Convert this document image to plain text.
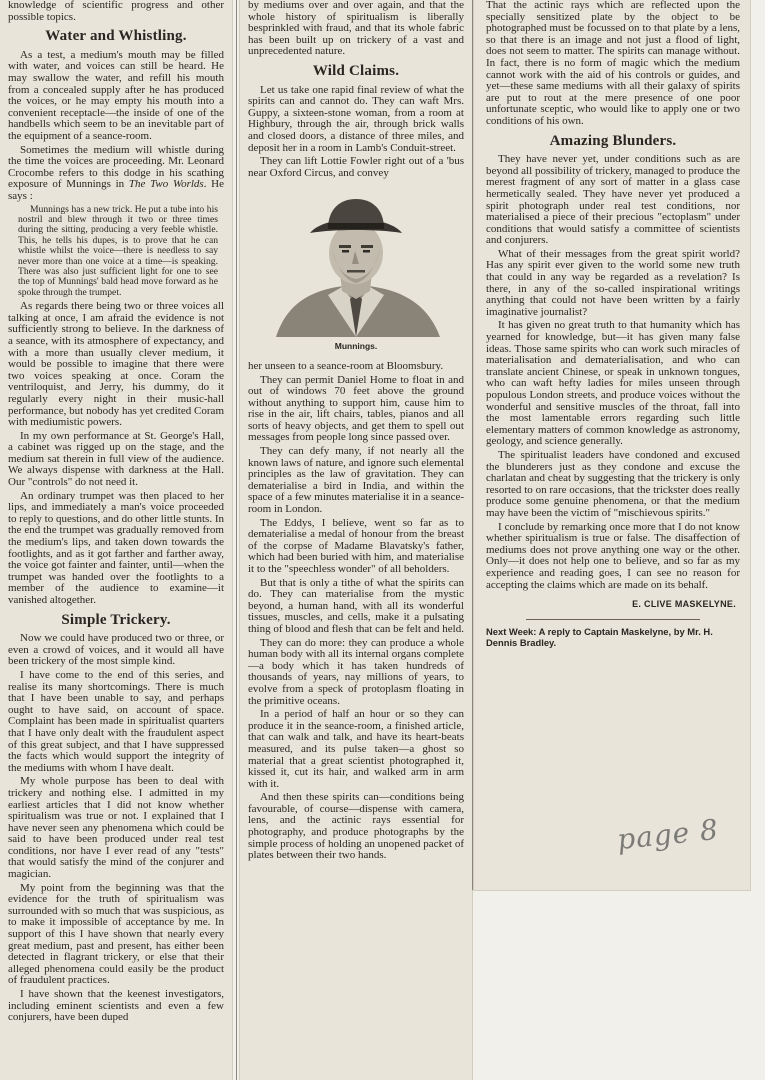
knowledge of scientific progress and other possible topics.

Water and Whistling.

As a test, a medium's mouth may be filled with water, and voices can still be heard. He may swallow the water, and refill his mouth from a concealed supply after he has produced the voices, or he may empty his mouth into a convenient receptacle—the inside of one of the handbells which seem to be an inevitable part of the equipment of a seance-room.

Sometimes the medium will whistle during the time the voices are proceeding. Mr. Leonard Crocombe refers to this dodge in his scathing exposure of Munnings in The Two Worlds. He says :

Munnings has a new trick. He put a tube into his nostril and blew through it two or three times during the sitting, producing a very feeble whistle. This, he tells his dupes, is to prove that he can whistle whilst the voice—there is needless to say never more than one voice at a time—is speaking. There was also just sufficient light for one to see the top of Munnings' bald head move forward as he spoke through the trumpet.

As regards there being two or three voices all talking at once, I am afraid the evidence is not sufficiently strong to believe. In the darkness of a seance, with its atmosphere of expectancy, and with a more than usually clever medium, it would be possible to imagine that there were two voices speaking at once. Coram the ventriloquist, and Jerry, his dummy, do it regularly every night in their music-hall performance, but nobody has yet credited Coram with mediumistic powers.

In my own performance at St. George's Hall, a cabinet was rigged up on the stage, and the medium sat therein in full view of the audience. We always dispense with darkness at the Hall. Our "controls" do not need it.

An ordinary trumpet was then placed to her lips, and immediately a man's voice proceeded to reply to questions, and do other little stunts. In the end the trumpet was gradually removed from the medium's lips, and taken down towards the footlights, and as it got farther and farther away, the voice got fainter and fainter, until—when the trumpet was handed over the footlights to a member of the audience to examine—it vanished altogether.

Simple Trickery.

Now we could have produced two or three, or even a crowd of voices, and it would all have been trickery of the most simple kind.

I have come to the end of this series, and realise its many shortcomings. There is much that I have been unable to say, and perhaps ought to have said, on account of space. Complaint has been made in spiritualist quarters that I have only dealt with the fraudulent aspect of this great subject, and that I have suppressed the facts which would support the integrity of the mediums with whom I have dealt.

My whole purpose has been to deal with trickery and nothing else. I admitted in my earliest articles that I did not know whether spiritualism was true or not. I explained that I have never seen any phenomena which could be said to have been produced under real test conditions, nor have I ever read of any "tests" that would satisfy the mind of the conjurer and magician.

My point from the beginning was that the evidence for the truth of spiritualism was surrounded with so much that was suspicious, as to make it impossible of acceptance by me. In support of this I have shown that nearly every great medium, past and present, has either been detected in flagrant trickery, or else that their alleged phenomena could easily be the product of fraudulent practices.

I have shown that the keenest investigators, including eminent scientists and even a few conjurers, have been duped

by mediums over and over again, and that the whole history of spiritualism is liberally besprinkled with fraud, and that its whole fabric has been built up on trickery of a vast and unprecedented nature.

Wild Claims.

Let us take one rapid final review of what the spirits can and cannot do. They can waft Mrs. Guppy, a sixteen-stone woman, from a room at Highbury, through the air, through brick walls and closed doors, a distance of three miles, and deposit her in a room in Lamb's Conduit-street.

They can lift Lottie Fowler right out of a 'bus near Oxford Circus, and convey

Munnings.

her unseen to a seance-room at Bloomsbury.

They can permit Daniel Home to float in and out of windows 70 feet above the ground without anything to support him, cause him to rise in the air, lift chairs, tables, pianos and all sorts of heavy objects, and get them to spell out messages from people long since passed over.

They can defy many, if not nearly all the known laws of nature, and ignore such elemental principles as the law of gravitation. They can dematerialise a bird in India, and within the space of a few minutes materialise it in a seance-room in London.

The Eddys, I believe, went so far as to dematerialise a medal of honour from the breast of the corpse of Madame Blavatsky's father, which had been buried with him, and materialise it to the "speechless wonder" of all beholders.

But that is only a tithe of what the spirits can do. They can materialise from the mystic beyond, a human hand, with all its wonderful tissues, muscles, and cells, make it a pulsating thing of blood and flesh that can be felt and held.

They can do more: they can produce a whole human body with all its internal organs complete—a body which it has taken hundreds of thousands of years, nay millions of years, to evolve from a speck of protoplasm floating in the primitive oceans.

In a period of half an hour or so they can produce it in the seance-room, a finished article, that can walk and talk, and have its heart-beats measured, and its pulse taken—a ghost so material that a great scientist photographed it, kissed it, cut its hair, and walked arm in arm with it.

And then these spirits can—conditions being favourable, of course—dispense with camera, lens, and the actinic rays essential for photography, and produce photographs by the simple process of holding an unopened packet of plates between their two hands.

That the actinic rays which are reflected upon the specially sensitized plate by the object to be photographed must be focussed on to that plate by a lens, so that there is an image and not just a flood of light, does not seem to matter. The spirits can manage without. In fact, there is no form of magic which the medium cannot work with the aid of his controls or guides, and yet—these same mediums with all their galaxy of spirits are put to rout at the mere presence of one poor unfortunate sceptic, who would like to apply one or two conditions of his own.

Amazing Blunders.

They have never yet, under conditions such as are beyond all possibility of trickery, managed to produce the merest fragment of any sort of matter in a glass case hermetically sealed. They have never yet produced a spirit photograph under real test conditions, nor materialised a piece of their precious "ectoplasm" under conditions that would satisfy a committee of scientists and conjurers.

What of their messages from the great spirit world? Has any spirit ever given to the world some new truth that could in any way be regarded as a revelation? Is there, in any of the so-called inspirational writings anything that could not have been written by a fairly imaginative journalist?

It has given no great truth to that humanity which has yearned for knowledge, but—it has given many false ideas. Those same spirits who can work such miracles of materialisation and dematerialisation, and who can translate ancient Chinese, or speak in unknown tongues, who can waft hefty ladies for miles unseen through populous London streets, and produce voices without the wonderful and sensitive muscles of the throat, fall into the most lamentable errors regarding such little elementary matters of common knowledge as astronomy, geology, and science generally.

The spiritualist leaders have condoned and excused the blunderers just as they condone and excuse the charlatan and cheat by suggesting that the trickery is only resorted to on rare occasions, that the trickster does really produce some genuine phenomena, or that the medium may have been the victim of "mischievous spirits."

I conclude by remarking once more that I do not know whether spiritualism is true or false. The disaffection of mediums does not prove anything one way or the other. Only—it does not help one to believe, and so far as my experience and reading goes, I can see no reason for accepting the claims which are made on its behalf.

E. CLIVE MASKELYNE.

Next Week: A reply to Captain Maskelyne, by Mr. H. Dennis Bradley.

page 8
